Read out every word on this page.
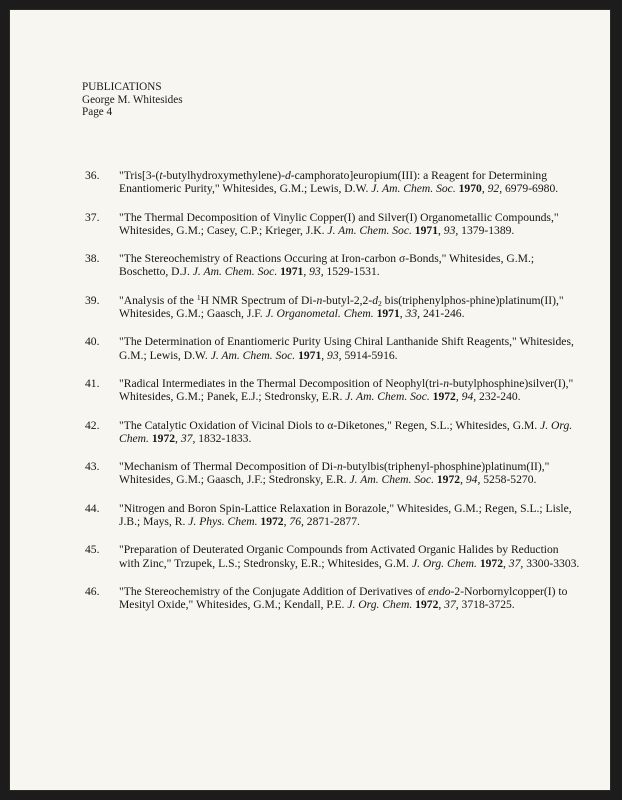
PUBLICATIONS
George M. Whitesides
Page 4
36. "Tris[3-(t-butylhydroxymethylene)-d-camphorato]europium(III): a Reagent for Determining Enantiomeric Purity," Whitesides, G.M.; Lewis, D.W. J. Am. Chem. Soc. 1970, 92, 6979-6980.
37. "The Thermal Decomposition of Vinylic Copper(I) and Silver(I) Organometallic Compounds," Whitesides, G.M.; Casey, C.P.; Krieger, J.K. J. Am. Chem. Soc. 1971, 93, 1379-1389.
38. "The Stereochemistry of Reactions Occuring at Iron-carbon σ-Bonds," Whitesides, G.M.; Boschetto, D.J. J. Am. Chem. Soc. 1971, 93, 1529-1531.
39. "Analysis of the $^1$H NMR Spectrum of $Di-n-butyl-2,2-d_2$ bis(triphenylphos-phine)platinum(II)," Whitesides, G.M.; Gaasch, J.F. J. Organometal. Chem. 1971, 33, 241-246.
40. "The Determination of Enantiomeric Purity Using Chiral Lanthanide Shift Reagents," Whitesides, G.M.; Lewis, D.W. J. Am. Chem. Soc. 1971, 93, 5914-5916.
41. "Radical Intermediates in the Thermal Decomposition of Neophyl(tri-n-butylphosphine)silver(I)," Whitesides, G.M.; Panek, E.J.; Stedronsky, E.R. J. Am. Chem. Soc. 1972, 94, 232-240.
42. "The Catalytic Oxidation of Vicinal Diols to α-Diketones," Regen, S.L.; Whitesides, G.M. J. Org. Chem. 1972, 37, 1832-1833.
43. "Mechanism of Thermal Decomposition of Di-n-butylbis(triphenyl-phosphine)platinum(II)," Whitesides, G.M.; Gaasch, J.F.; Stedronsky, E.R. J. Am. Chem. Soc. 1972, 94, 5258-5270.
44. "Nitrogen and Boron Spin-Lattice Relaxation in Borazole," Whitesides, G.M.; Regen, S.L.; Lisle, J.B.; Mays, R. J. Phys. Chem. 1972, 76, 2871-2877.
45. "Preparation of Deuterated Organic Compounds from Activated Organic Halides by Reduction with Zinc," Trzupek, L.S.; Stedronsky, E.R.; Whitesides, G.M. J. Org. Chem. 1972, 37, 3300-3303.
46. "The Stereochemistry of the Conjugate Addition of Derivatives of endo-2-Norbornylcopper(I) to Mesityl Oxide," Whitesides, G.M.; Kendall, P.E. J. Org. Chem. 1972, 37, 3718-3725.
